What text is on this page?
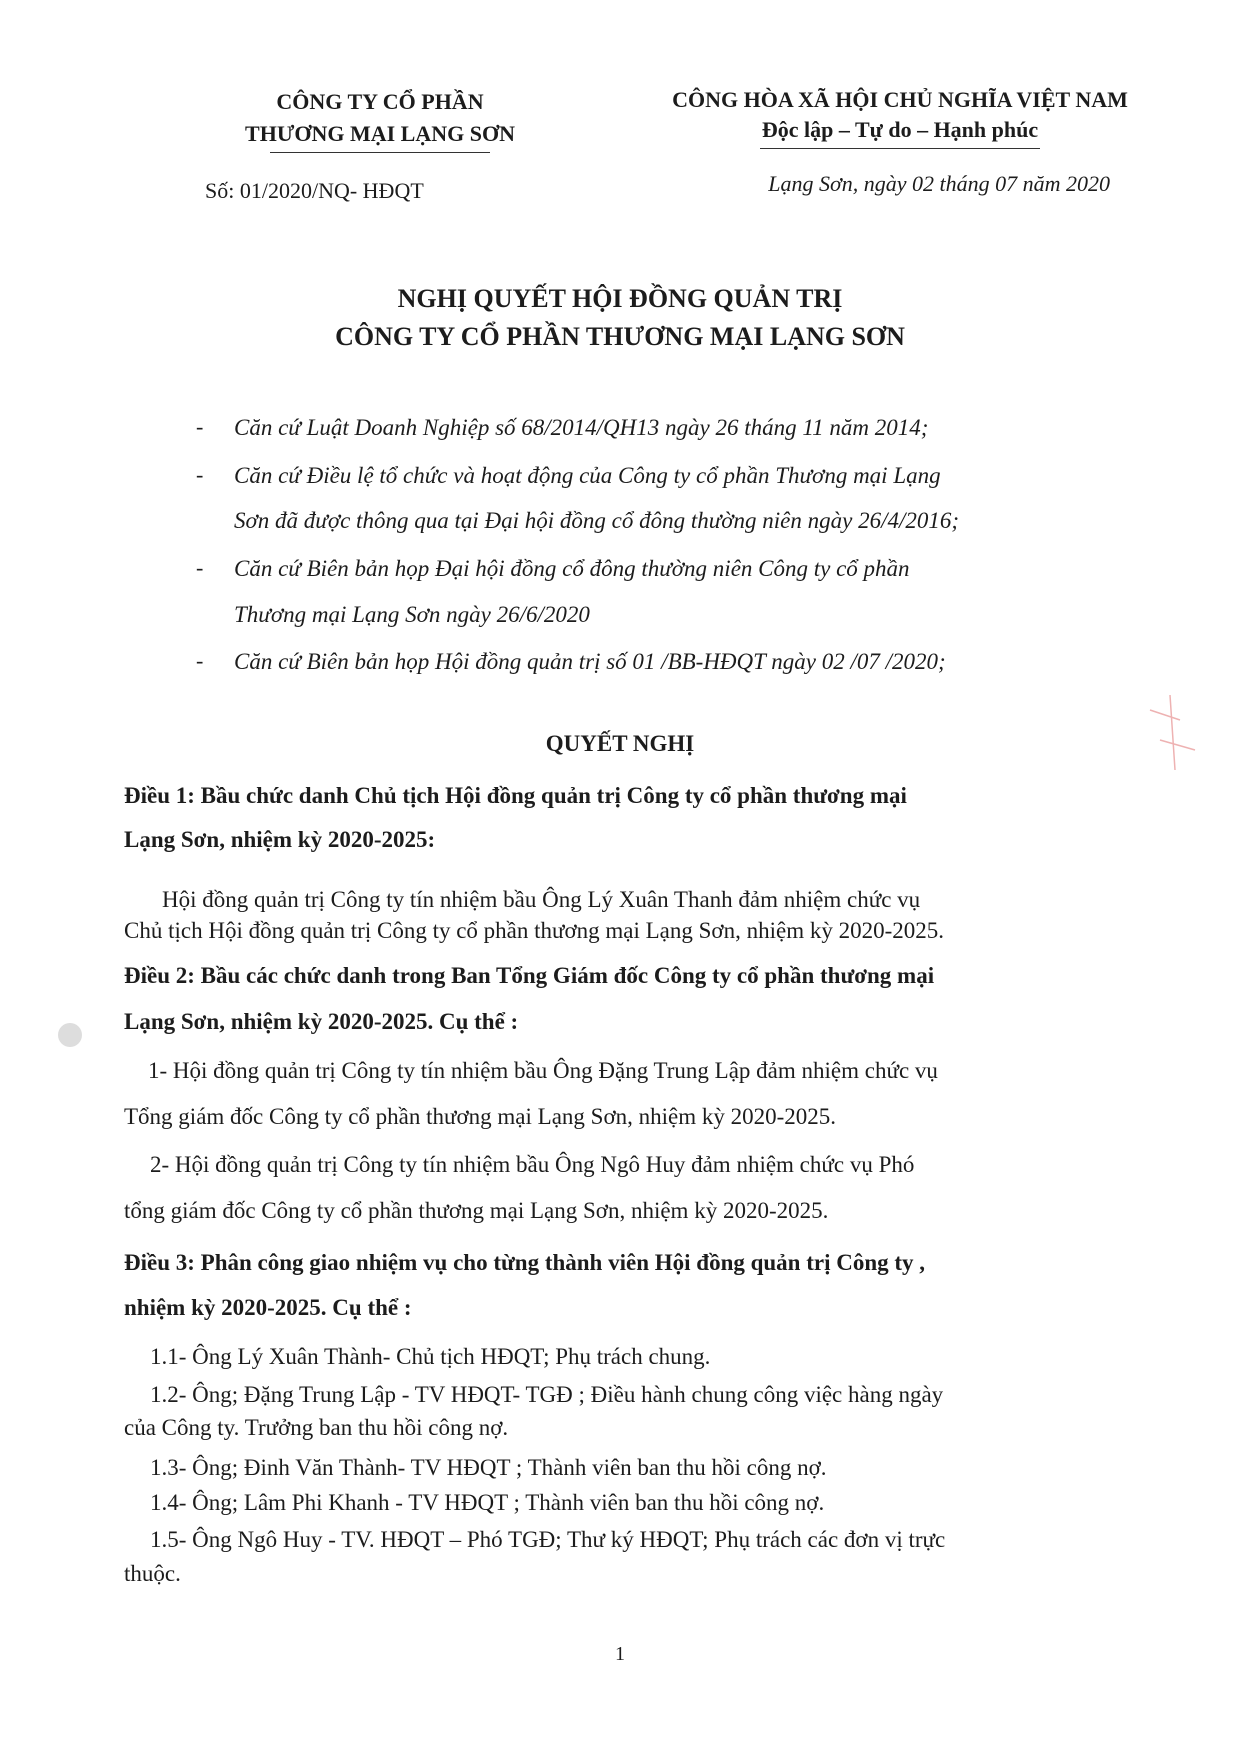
CÔNG TY CỔ PHẦN
THƯƠNG MẠI LẠNG SƠN
CÔNG HÒA XÃ HỘI CHỦ NGHĨA VIỆT NAM
Độc lập – Tự do – Hạnh phúc
Số: 01/2020/NQ- HĐQT	Lạng Sơn, ngày 02 tháng 07 năm 2020
NGHỊ QUYẾT HỘI ĐỒNG QUẢN TRỊ
CÔNG TY CỔ PHẦN THƯƠNG MẠI LẠNG SƠN
- Căn cứ Luật Doanh Nghiệp số 68/2014/QH13 ngày 26 tháng 11 năm 2014;
- Căn cứ Điều lệ tổ chức và hoạt động của Công ty cổ phần Thương mại Lạng
Sơn đã được thông qua tại Đại hội đồng cổ đông thường niên ngày 26/4/2016;
- Căn cứ Biên bản họp Đại hội đồng cổ đông thường niên Công ty cổ phần
Thương mại Lạng Sơn ngày 26/6/2020
- Căn cứ Biên bản họp Hội đồng quản trị số 01 /BB-HĐQT ngày 02 /07 /2020;
QUYẾT NGHỊ
Điều 1: Bầu chức danh Chủ tịch Hội đồng quản trị Công ty cổ phần thương mại
Lạng Sơn, nhiệm kỳ 2020-2025:
Hội đồng quản trị Công ty tín nhiệm bầu Ông Lý Xuân Thanh đảm nhiệm chức vụ
Chủ tịch Hội đồng quản trị Công ty cổ phần thương mại Lạng Sơn, nhiệm kỳ 2020-2025.
Điều 2: Bầu các chức danh trong Ban Tổng Giám đốc Công ty cổ phần thương mại
Lạng Sơn, nhiệm kỳ 2020-2025. Cụ thể :
1- Hội đồng quản trị Công ty tín nhiệm bầu Ông Đặng Trung Lập đảm nhiệm chức vụ
Tổng giám đốc Công ty cổ phần thương mại Lạng Sơn, nhiệm kỳ 2020-2025.
2- Hội đồng quản trị Công ty tín nhiệm bầu Ông Ngô Huy đảm nhiệm chức vụ Phó
tổng giám đốc Công ty cổ phần thương mại Lạng Sơn, nhiệm kỳ 2020-2025.
Điều 3: Phân công giao nhiệm vụ cho từng thành viên Hội đồng quản trị Công ty ,
nhiệm kỳ 2020-2025. Cụ thể :
1.1- Ông Lý Xuân Thành- Chủ tịch HĐQT; Phụ trách chung.
1.2- Ông; Đặng Trung Lập - TV HĐQT- TGĐ ; Điều hành chung công việc hàng ngày
của Công ty. Trưởng ban thu hồi công nợ.
1.3- Ông; Đinh Văn Thành- TV HĐQT ; Thành viên ban thu hồi công nợ.
1.4- Ông; Lâm Phi Khanh - TV HĐQT ; Thành viên ban thu hồi công nợ.
1.5- Ông Ngô Huy - TV. HĐQT – Phó TGĐ; Thư ký HĐQT; Phụ trách các đơn vị trực
thuộc.
1
